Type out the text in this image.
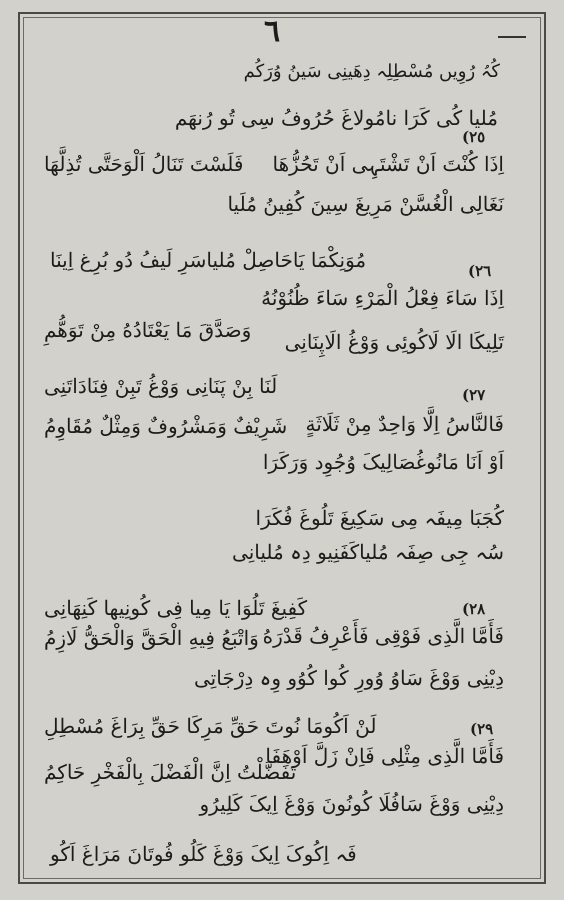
٦
کُہُ رُوِیں مُسْطِلِہ دِھَینِی سَینُ وُرَکُم
مُلیا کُی کَرَا نامُولاغَ حُرُوفُ سِی تُو رُنھَم
(٢٥
اِذَا کُنْتَ اَنْ تَشْتَہِی اَنْ تَحُزُّهَا
فَلَسْتَ تَنَالُ اَلْوَحَتَّی تُذِلَّهَا
نَغَالِی الْغُسَّنْ مَرِیغَ سِینَ کُفِینُ مُلَیا
مُوَنِکْمَا یَاحَاصِلْ مُلیاسَرِ لَیفُ دُو بُرِغ اِینَا	(٢٦
اِذَا سَاءَ فِعْلُ الْمَرْءِ سَاءَ ظُنُوْنُهُ
وَصَدَّقَ مَا یَعْتَادُهُ مِنْ تَوَهُّمِ تَلِیکَا الَا لَاکُوئِی وَوْغُ الَاپِنَانِی
لَنَا بِنْ پَنَانِی وَوْغُ تَبِنْ فِنَادَاتَنِی	(٢٧
فَالنَّاسُ اِلَّا وَاحِدٌ مِنْ ثَلَاثَةٍ
شَرِیْفٌ وَمَشْرُوفٌ وَمِثْلٌ مُقَاوِمُ
اَوْ اَنَا مَانُوغُصَالِیکَ وُجُوِد وَرَکَرَا
کُجَبَا مِیفَہ مِی سَکِیغَ تَلُوغَ فُکَرَا
سُہ جِی صِفَہ مُلیاکَفَنِیو دِہ مُلیانِی
کَفِیغَ تَلُوَا یَا مِیا فِی کُونِیھا کَنِھَانِی	(٢٨
فَأَمَّا الَّذِی فَوْقِی فَأَعْرِفُ قَدْرَهُ
وَاتْبَعُ فِیهِ الْحَقَّ وَالْحَقُّ لَازِمُ
دِیْنِی وَوْغَ سَاوُ وُورِ کُوا کُوُو وِہ دِرْجَاتِی
لَنْ اَکُومَا نُوتَ حَقِّ مَرِکَا حَقِّ بِرَاغَ مُسْطِلِ	(٢٩
فَأَمَّا الَّذِی مِثْلِی فَاِنْ زَلَّ اَوْهَفَا
تَفَضَّلْتُ اِنَّ الْفَضْلَ بِالْفَخْرِ حَاکِمُ
دِیْنِی وَوْغَ سَافُلَا کُونُونَ وَوْغَ اِیکَ کَلِیرُو
فَہ اِکُوکَ اِیکَ وَوْغَ کَلُو فُوتَانَ مَرَاغَ اَکُو
